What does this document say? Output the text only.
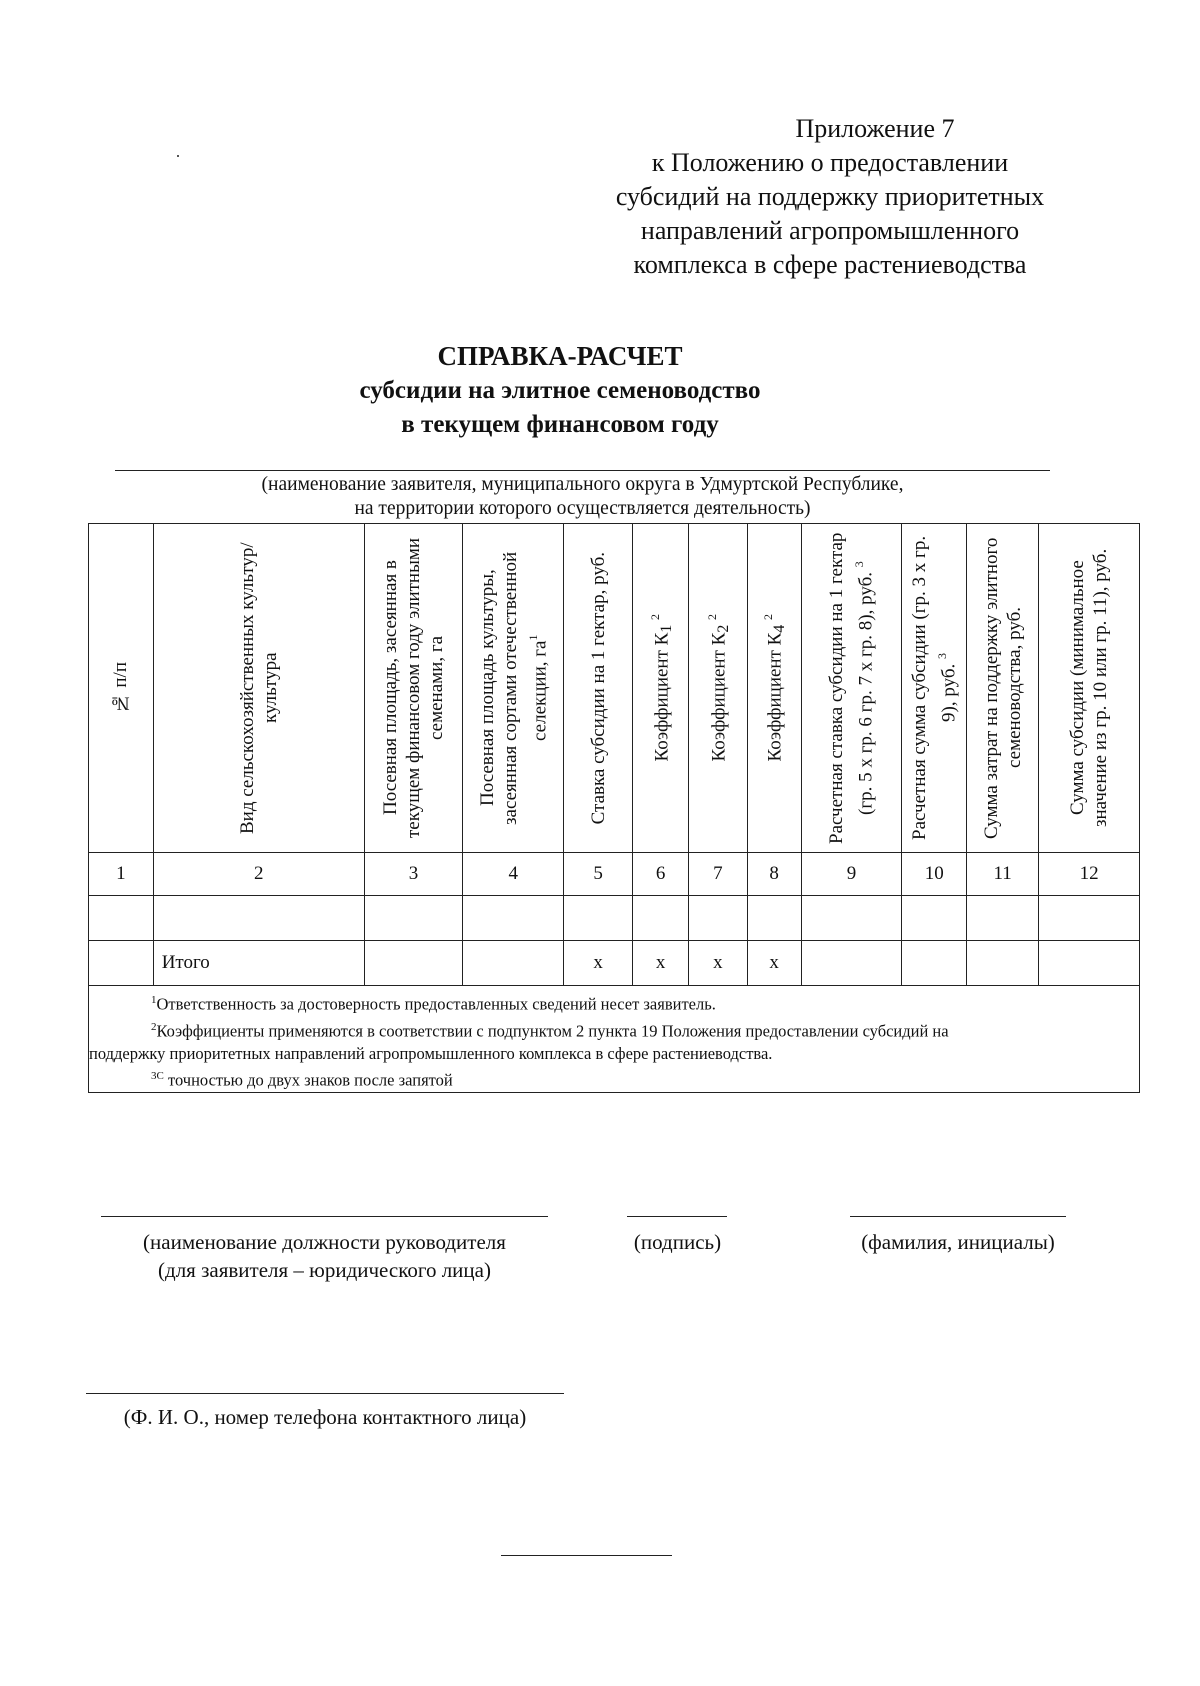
Приложение 7
к Положению о предоставлении
субсидий на поддержку приоритетных
направлений агропромышленного
комплекса в сфере растениеводства
СПРАВКА-РАСЧЕТ
субсидии на элитное семеноводство
в текущем финансовом году
(наименование заявителя, муниципального округа в Удмуртской Республике,
на территории которого осуществляется деятельность)
№ п/п	Вид сельскохозяйственных культур/ культура	Посевная площадь, засеянная в текущем финансовом году элитными семенами, га	Посевная площадь культуры, засеянная сортами отечественной селекции, $га^1$	Ставка субсидии на 1 гектар, руб.	Коэффициент $К_1$ $^2$	Коэффициент $К_2$ $^2$	Коэффициент $К_4$ $^2$	Расчетная ставка субсидии на 1 гектар (гр. 5 x гр. 6 гр. 7 x гр. 8), руб. $^3$	Расчетная сумма субсидии (гр. 3 x гр. 9), руб. $^3$	Сумма затрат на поддержку элитного семеноводства, руб.	Сумма субсидии (минимальное значение из гр. 10 или гр. 11), руб.

1	2	3	4	5	6	7	8	9	10	11	12

	Итого			x	x	x	x				

$^1$Ответственность за достоверность предоставленных сведений несет заявитель.
$^2$Коэффициенты применяются в соответствии с подпунктом 2 пункта 19 Положения предоставлении субсидий на
поддержку приоритетных направлений агропромышленного комплекса в сфере растениеводства.
$^{3С}$ точностью до двух знаков после запятой											
(наименование должности руководителя
(для заявителя – юридического лица)
(подпись)	(фамилия, инициалы)
(Ф. И. О., номер телефона контактного лица)
